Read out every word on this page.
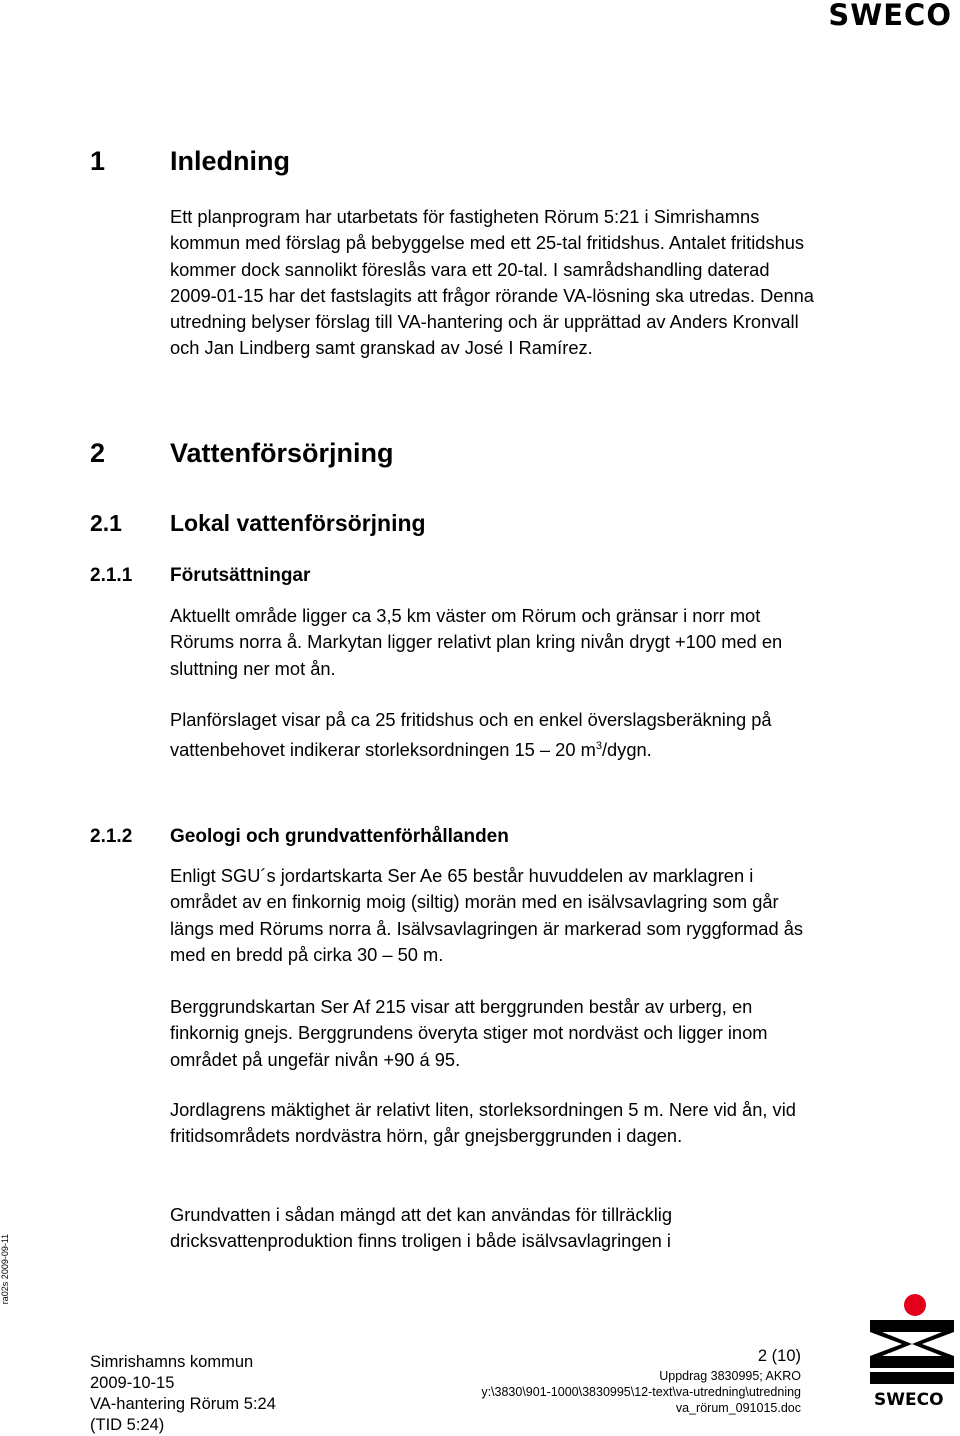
SWECO
1 Inledning

Ett planprogram har utarbetats för fastigheten Rörum 5:21 i Simrishamns kommun med förslag på bebyggelse med ett 25-tal fritidshus. Antalet fritidshus kommer dock sannolikt föreslås vara ett 20-tal. I samrådshandling daterad 2009-01-15 har det fastslagits att frågor rörande VA-lösning ska utredas. Denna utredning belyser förslag till VA-hantering och är upprättad av Anders Kronvall och Jan Lindberg samt granskad av José I Ramírez.

2 Vattenförsörjning
2.1 Lokal vattenförsörjning
2.1.1 Förutsättningar

Aktuellt område ligger ca 3,5 km väster om Rörum och gränsar i norr mot Rörums norra å. Markytan ligger relativt plan kring nivån drygt +100 med en sluttning ner mot ån.

Planförslaget visar på ca 25 fritidshus och en enkel överslagsberäkning på vattenbehovet indikerar storleksordningen 15 – 20 $m^3$/dygn.

2.1.2 Geologi och grundvattenförhållanden

Enligt SGU´s jordartskarta Ser Ae 65 består huvuddelen av marklagren i området av en finkornig moig (siltig) morän med en isälvsavlagring som går längs med Rörums norra å. Isälvsavlagringen är markerad som ryggformad ås med en bredd på cirka 30 – 50 m.

Berggrundskartan Ser Af 215 visar att berggrunden består av urberg, en finkornig gnejs. Berggrundens överyta stiger mot nordväst och ligger inom området på ungefär nivån +90 á 95.

Jordlagrens mäktighet är relativt liten, storleksordningen 5 m. Nere vid ån, vid fritidsområdets nordvästra hörn, går gnejsberggrunden i dagen.

Grundvatten i sådan mängd att det kan användas för tillräcklig dricksvattenproduktion finns troligen i både isälvsavlagringen i

ra02s 2009-09-11
Simrishamns kommun
2009-10-15
VA-hantering Rörum 5:24
(TID 5:24)
2 (10)
Uppdrag 3830995; AKRO
y:\3830\901-1000\3830995\12-text\va-utredning\utredning
va_rörum_091015.doc	SWECO
